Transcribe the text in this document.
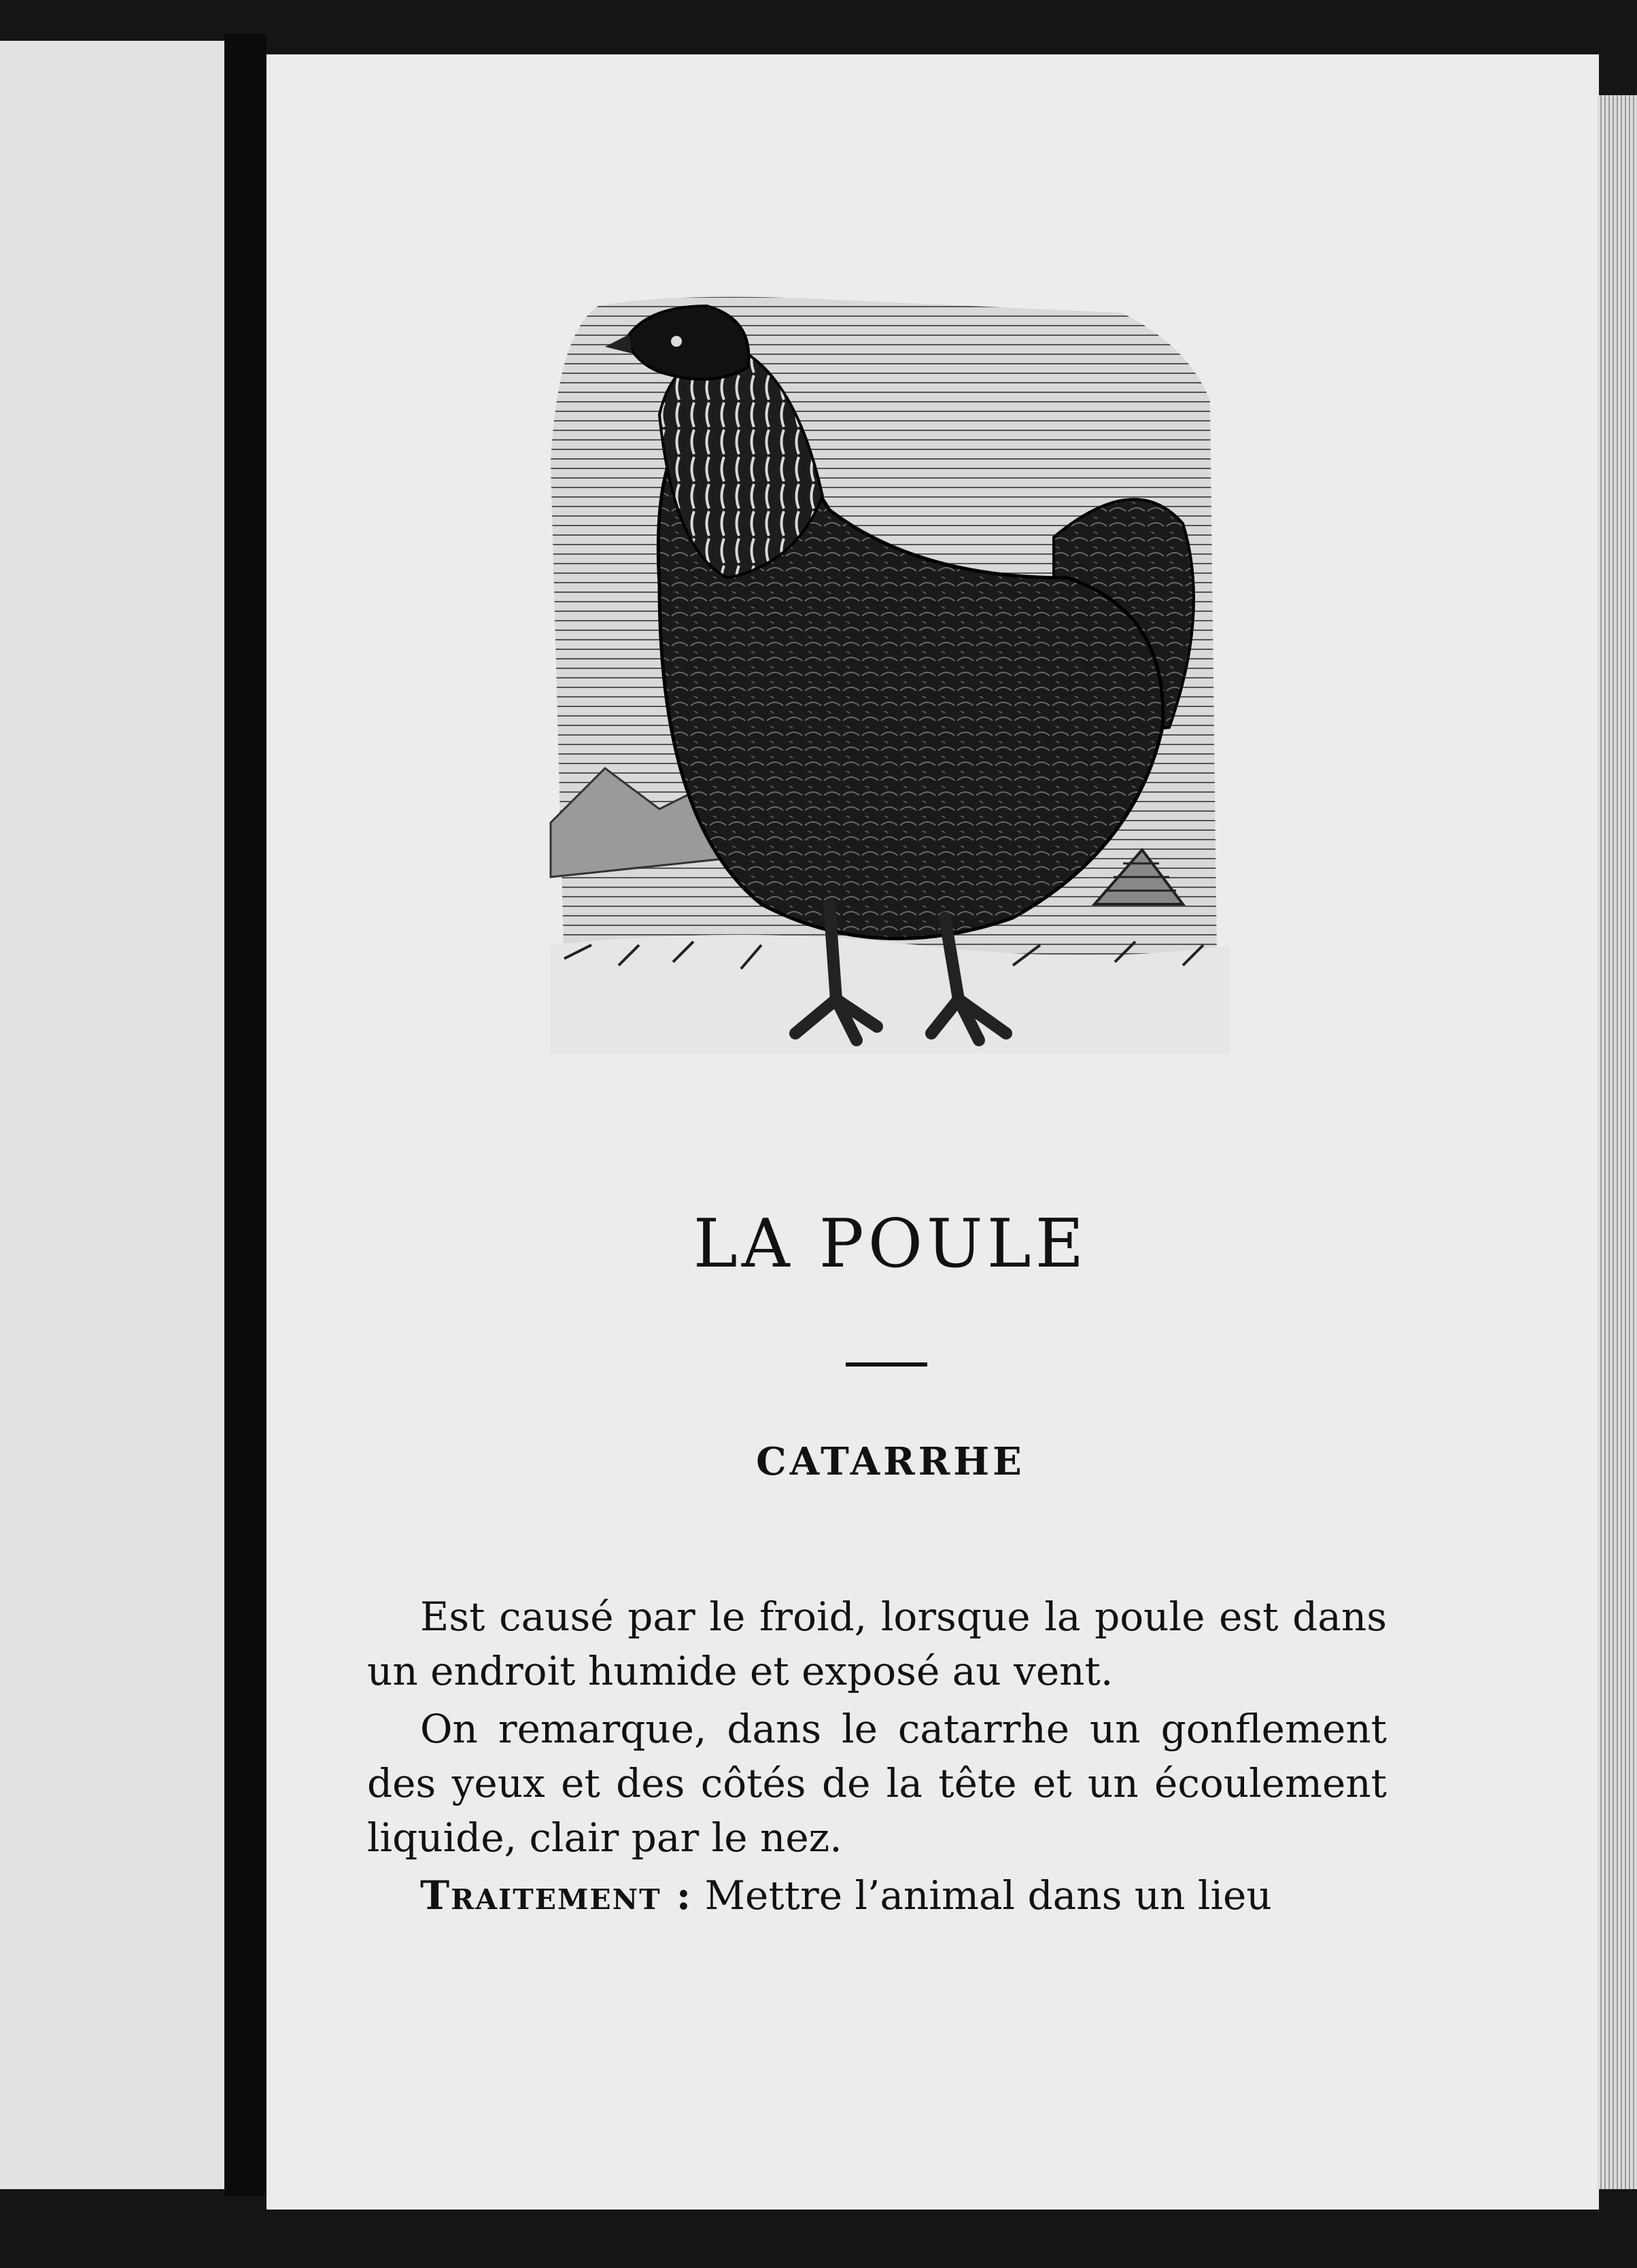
LA POULE
CATARRHE

Est causé par le froid, lorsque la poule est dans un endroit humide et exposé au vent.

On remarque, dans le catarrhe un gonflement des yeux et des côtés de la tête et un écoulement liquide, clair par le nez.

Traitement : Mettre l’animal dans un lieu
